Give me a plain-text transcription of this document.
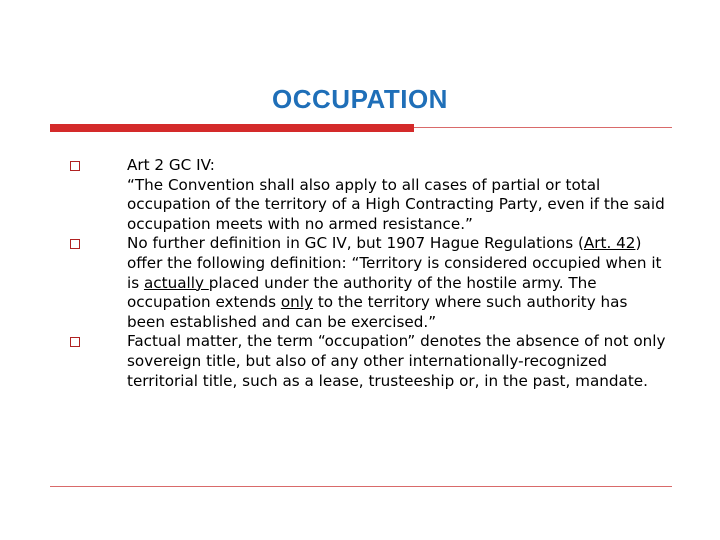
OCCUPATION
Art 2 GC IV:
“The Convention shall also apply to all cases of partial or total occupation of the territory of a High Contracting Party, even if the said occupation meets with no armed resistance.”
No further definition in GC IV, but 1907 Hague Regulations (Art. 42) offer the following definition: “Territory is considered occupied when it is actually placed under the authority of the hostile army. The occupation extends only to the territory where such authority has been established and can be exercised.”
Factual matter, the term “occupation” denotes the absence of not only sovereign title, but also of any other internationally-recognized territorial title, such as a lease, trusteeship or, in the past, mandate.
